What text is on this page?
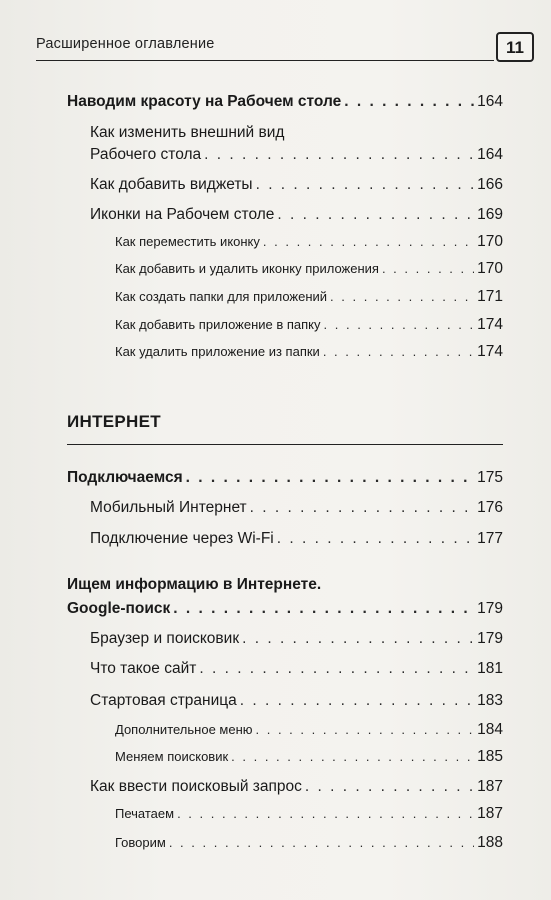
Расширенное оглавление	11
Наводим красоту на Рабочем столе . . .	164
Как изменить внешний вид
Рабочего стола . . .	164
Как добавить виджеты . . .	166
Иконки на Рабочем столе . . .	169
Как переместить иконку . . .	170
Как добавить и удалить иконку приложения . . .	170
Как создать папки для приложений . . .	171
Как добавить приложение в папку . . .	174
Как удалить приложение из папки . . .	174
ИНТЕРНЕТ
Подключаемся . . .	175
Мобильный Интернет . . .	176
Подключение через Wi-Fi . . .	177
Ищем информацию в Интернете.
Google-поиск . . .	179
Браузер и поисковик . . .	179
Что такое сайт . . .	181
Стартовая страница . . .	183
Дополнительное меню . . .	184
Меняем поисковик . . .	185
Как ввести поисковый запрос . . .	187
Печатаем . . .	187
Говорим . . .	188
